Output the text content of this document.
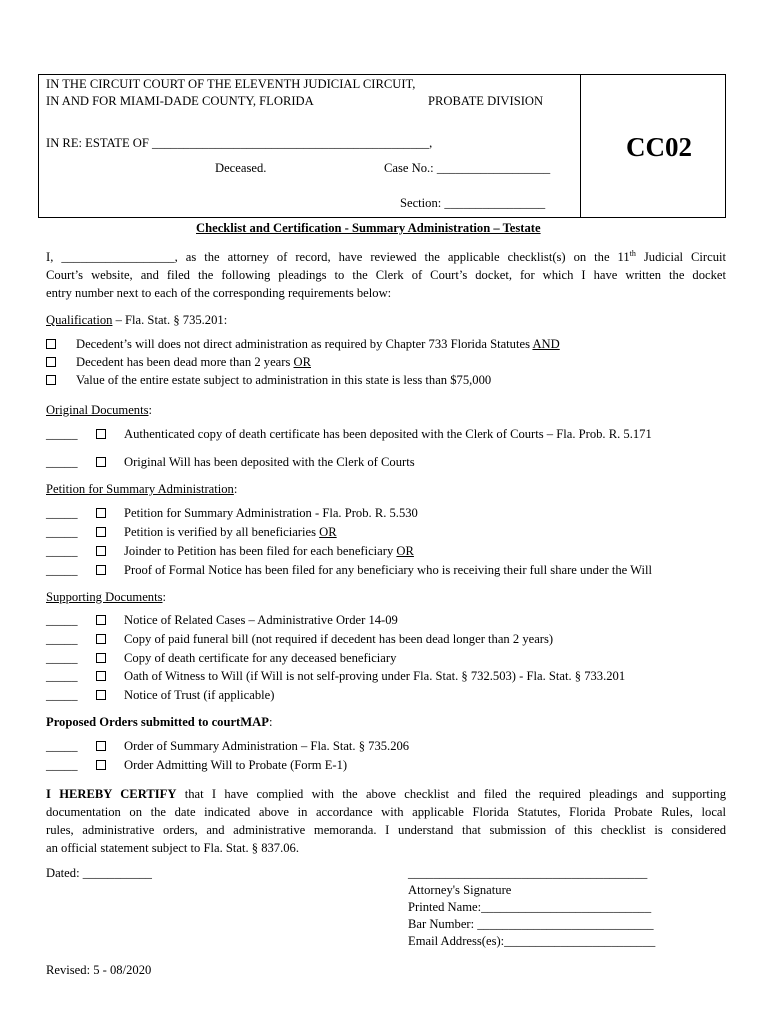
IN THE CIRCUIT COURT OF THE ELEVENTH JUDICIAL CIRCUIT,
IN AND FOR MIAMI-DADE COUNTY, FLORIDA	PROBATE DIVISION
IN RE: ESTATE OF ____________________________________________,
Deceased.	Case No.: __________________
Section: ________________
CC02
Checklist and Certification - Summary Administration – Testate
I, __________________, as the attorney of record, have reviewed the applicable checklist(s) on the 11th Judicial Circuit
Court’s website, and filed the following pleadings to the Clerk of Court’s docket, for which I have written the docket
entry number next to each of the corresponding requirements below:
Qualification – Fla. Stat. § 735.201:
Decedent’s will does not direct administration as required by Chapter 733 Florida Statutes AND
Decedent has been dead more than 2 years OR
Value of the entire estate subject to administration in this state is less than $75,000
Original Documents:
_____	Authenticated copy of death certificate has been deposited with the Clerk of Courts – Fla. Prob. R. 5.171
_____	Original Will has been deposited with the Clerk of Courts
Petition for Summary Administration:
_____	Petition for Summary Administration - Fla. Prob. R. 5.530
_____	Petition is verified by all beneficiaries OR
_____	Joinder to Petition has been filed for each beneficiary OR
_____	Proof of Formal Notice has been filed for any beneficiary who is receiving their full share under the Will
Supporting Documents:
_____	Notice of Related Cases – Administrative Order 14-09
_____	Copy of paid funeral bill (not required if decedent has been dead longer than 2 years)
_____	Copy of death certificate for any deceased beneficiary
_____	Oath of Witness to Will (if Will is not self-proving under Fla. Stat. § 732.503) - Fla. Stat. § 733.201
_____	Notice of Trust (if applicable)
Proposed Orders submitted to courtMAP:
_____	Order of Summary Administration – Fla. Stat. § 735.206
_____	Order Admitting Will to Probate (Form E-1)
I HEREBY CERTIFY that I have complied with the above checklist and filed the required pleadings and supporting
documentation on the date indicated above in accordance with applicable Florida Statutes, Florida Probate Rules, local
rules, administrative orders, and administrative memoranda. I understand that submission of this checklist is considered
an official statement subject to Fla. Stat. § 837.06.
Dated: ___________	______________________________________
Attorney's Signature
Printed Name:___________________________
Bar Number: ____________________________
Email Address(es):________________________
Revised: 5 - 08/2020
